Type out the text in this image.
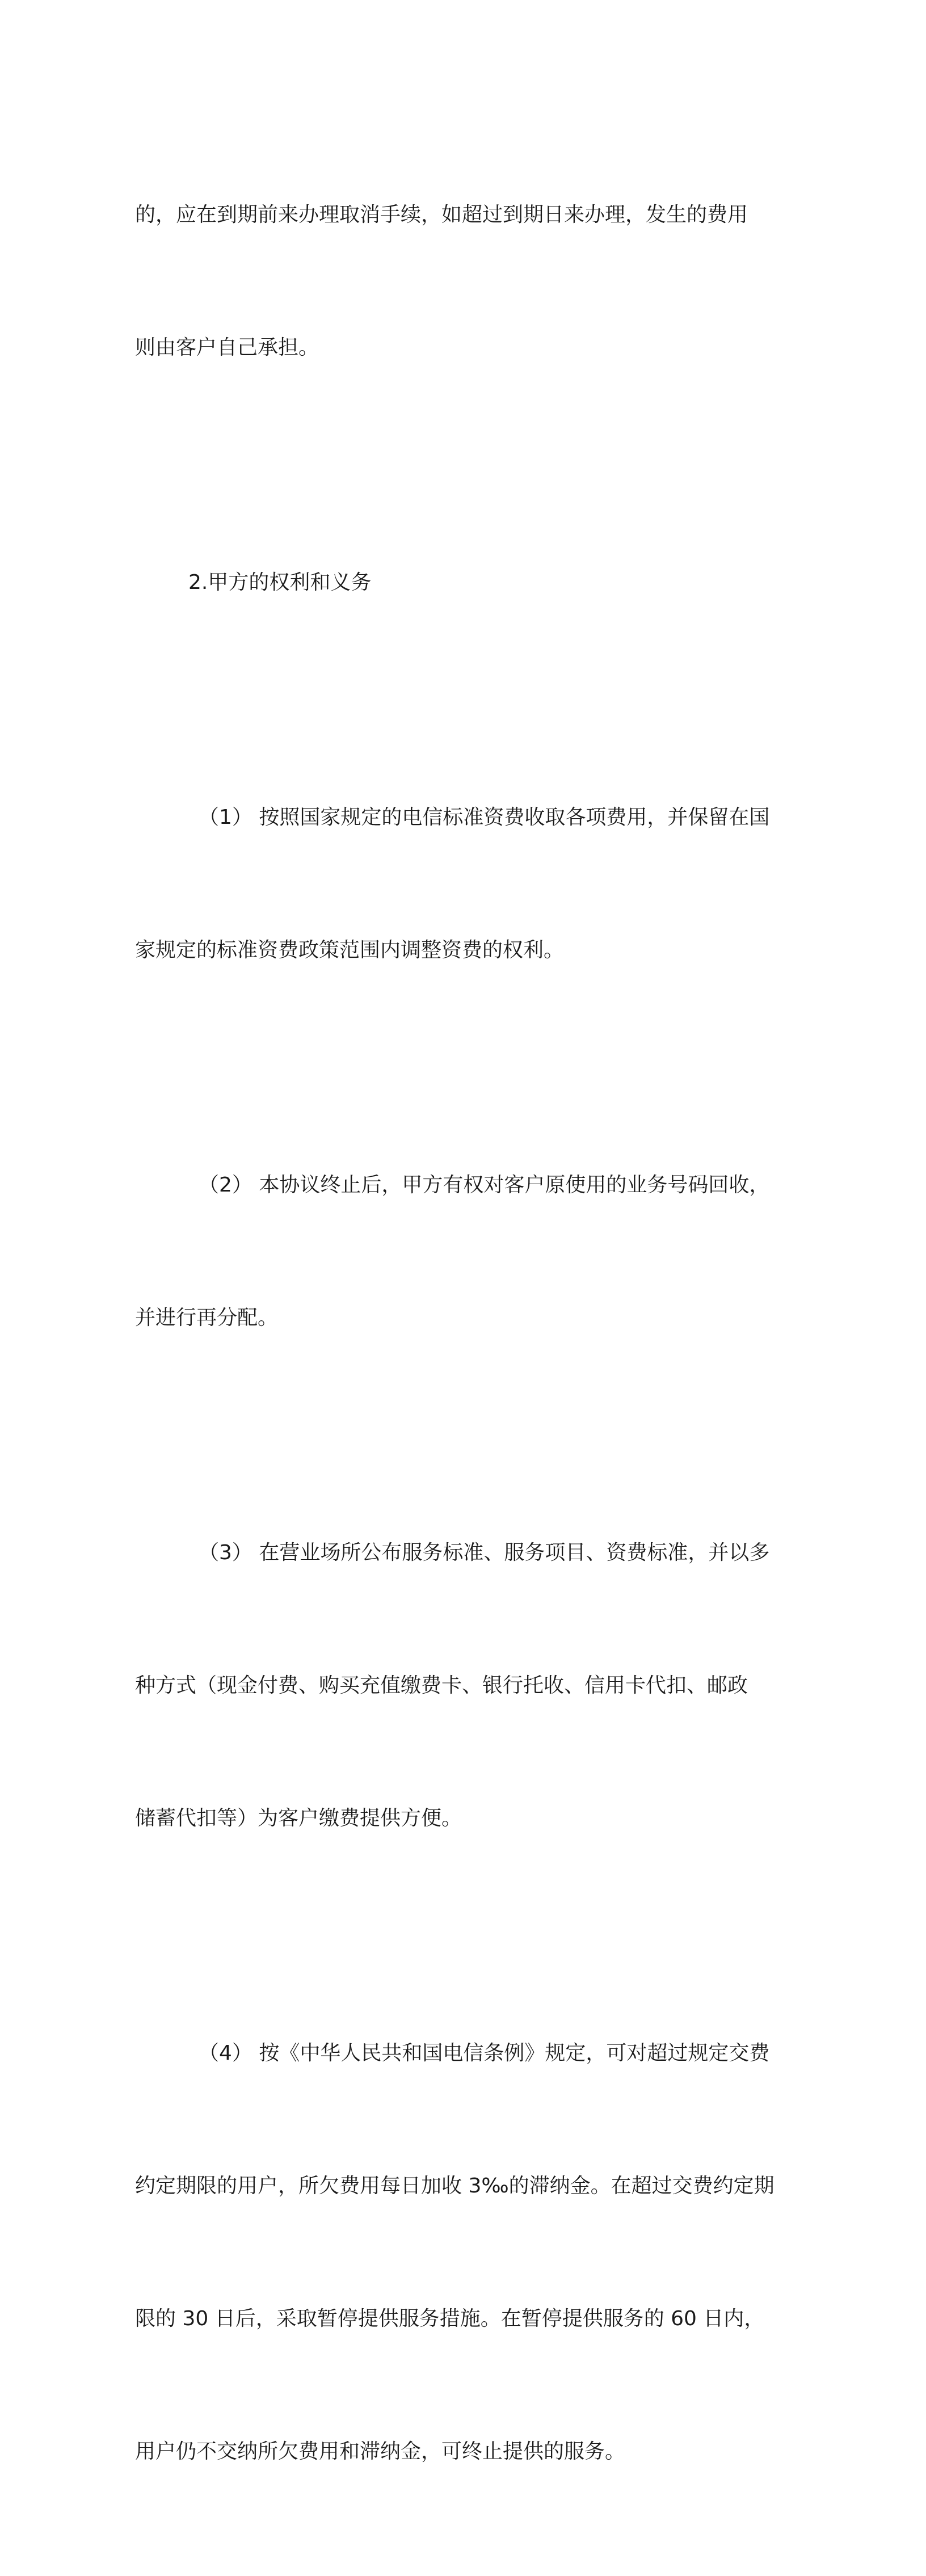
的，应在到期前来办理取消手续，如超过到期日来办理，发生的费用

则由客户自己承担。

2.甲方的权利和义务

（1） 按照国家规定的电信标准资费收取各项费用，并保留在国

家规定的标准资费政策范围内调整资费的权利。

（2） 本协议终止后，甲方有权对客户原使用的业务号码回收，

并进行再分配。

（3） 在营业场所公布服务标准、服务项目、资费标准，并以多

种方式（现金付费、购买充值缴费卡、银行托收、信用卡代扣、邮政

储蓄代扣等）为客户缴费提供方便。

（4） 按《中华人民共和国电信条例》规定，可对超过规定交费

约定期限的用户，所欠费用每日加收 3‰的滞纳金。在超过交费约定期

限的 30 日后，采取暂停提供服务措施。在暂停提供服务的 60 日内，

用户仍不交纳所欠费用和滞纳金，可终止提供的服务。
